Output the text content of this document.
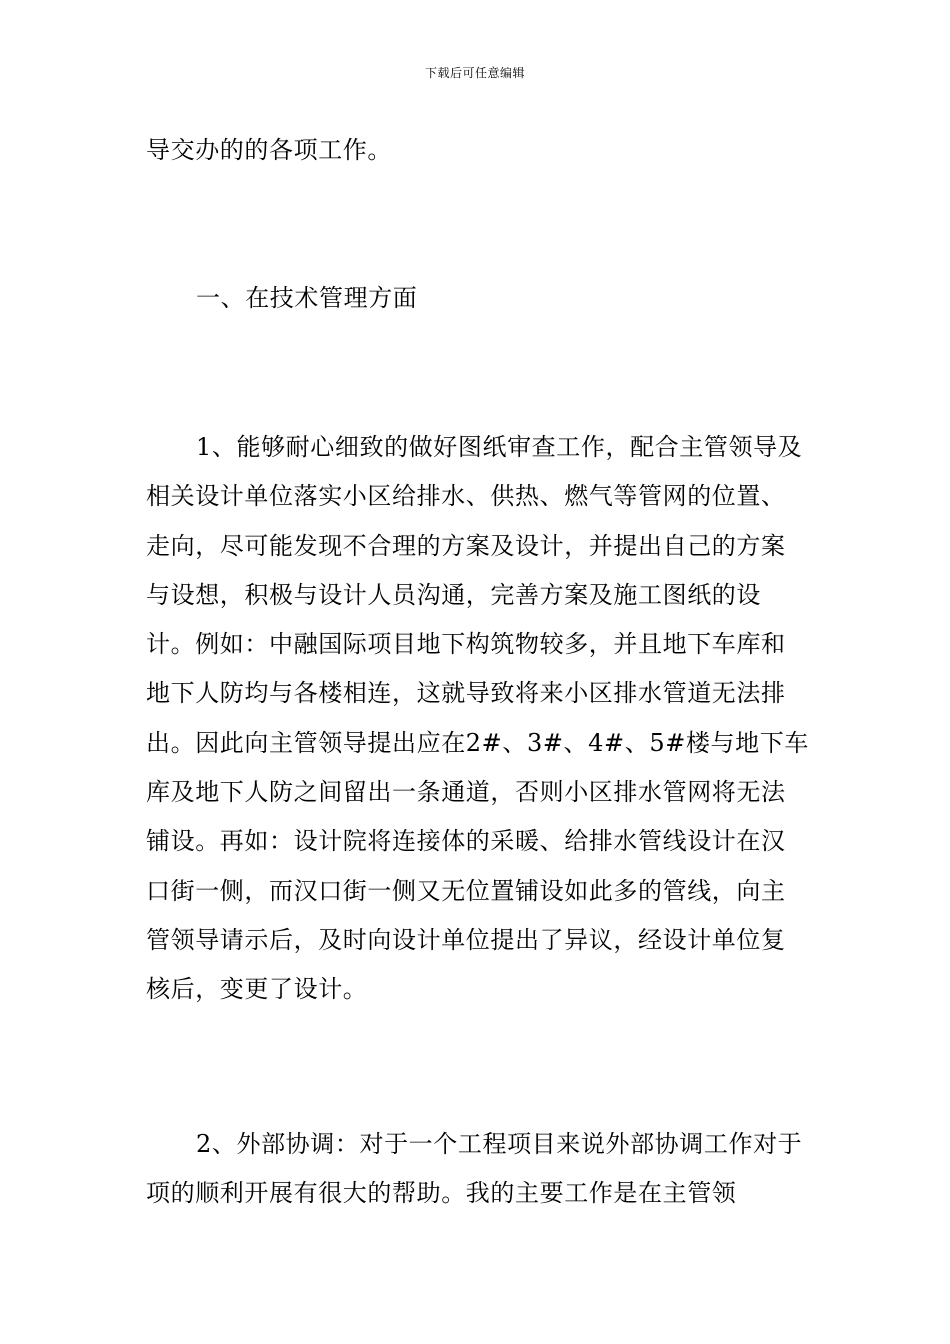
下载后可任意编辑

导交办的的各项工作。

一、在技术管理方面

1、能够耐心细致的做好图纸审查工作，配合主管领导及相关设计单位落实小区给排水、供热、燃气等管网的位置、走向，尽可能发现不合理的方案及设计，并提出自己的方案与设想，积极与设计人员沟通，完善方案及施工图纸的设计。例如：中融国际项目地下构筑物较多，并且地下车库和地下人防均与各楼相连，这就导致将来小区排水管道无法排出。因此向主管领导提出应在2#、3#、4#、5#楼与地下车库及地下人防之间留出一条通道，否则小区排水管网将无法铺设。再如：设计院将连接体的采暖、给排水管线设计在汉口街一侧，而汉口街一侧又无位置铺设如此多的管线，向主管领导请示后，及时向设计单位提出了异议，经设计单位复核后，变更了设计。

2、外部协调：对于一个工程项目来说外部协调工作对于项的顺利开展有很大的帮助。我的主要工作是在主管领
